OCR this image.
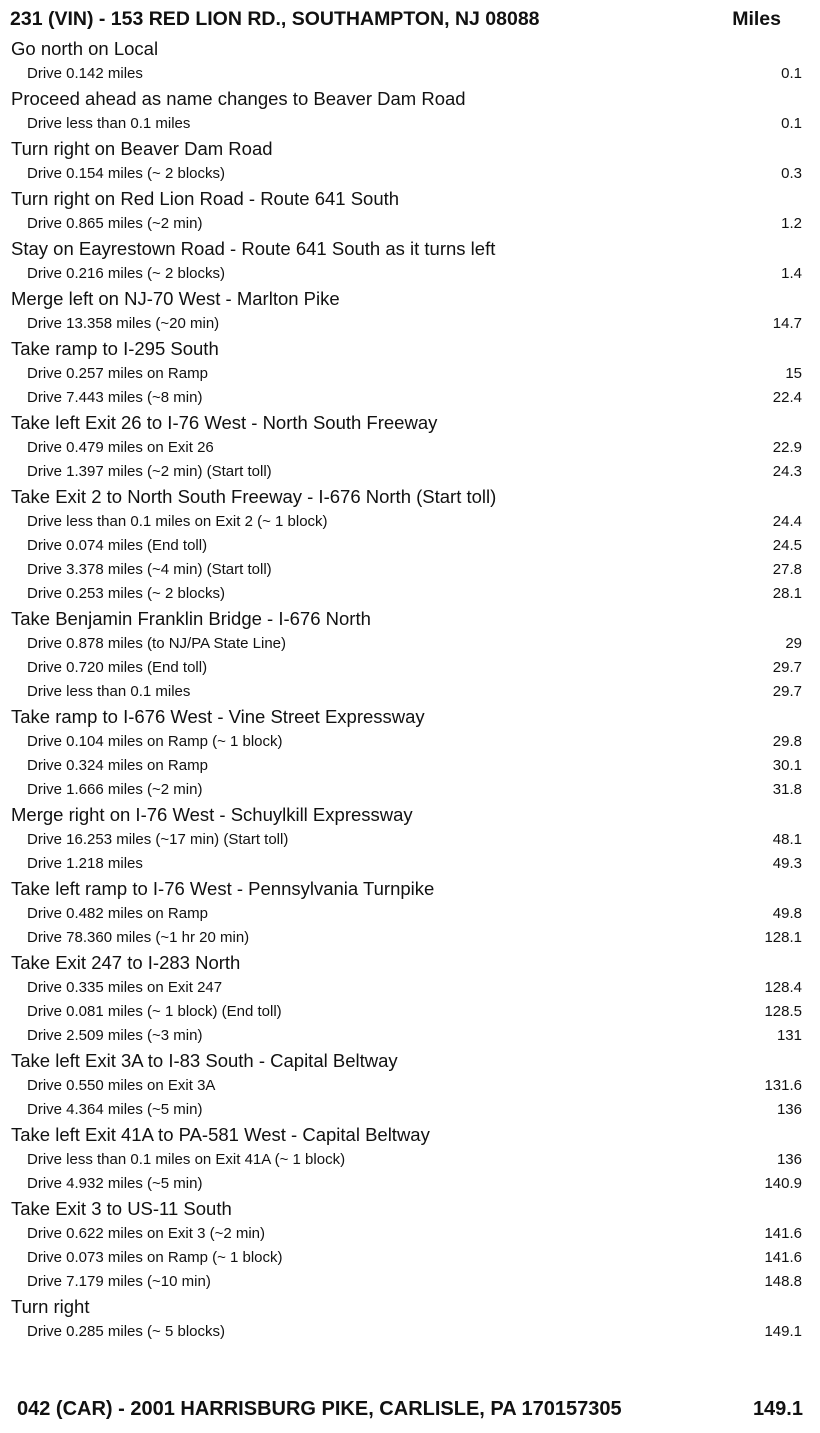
231 (VIN) - 153 RED LION RD., SOUTHAMPTON, NJ 08088	Miles
Go north on Local
Drive 0.142 miles	0.1
Proceed ahead as name changes to Beaver Dam Road
Drive less than 0.1 miles	0.1
Turn right on Beaver Dam Road
Drive 0.154 miles (~ 2 blocks)	0.3
Turn right on Red Lion Road - Route 641 South
Drive 0.865 miles (~2 min)	1.2
Stay on Eayrestown Road - Route 641 South as it turns left
Drive 0.216 miles (~ 2 blocks)	1.4
Merge left on NJ-70 West - Marlton Pike
Drive 13.358 miles (~20 min)	14.7
Take ramp to I-295 South
Drive 0.257 miles on Ramp	15
Drive 7.443 miles (~8 min)	22.4
Take left Exit 26 to I-76 West - North South Freeway
Drive 0.479 miles on Exit 26	22.9
Drive 1.397 miles (~2 min) (Start toll)	24.3
Take Exit 2 to North South Freeway - I-676 North (Start toll)
Drive less than 0.1 miles on Exit 2 (~ 1 block)	24.4
Drive 0.074 miles (End toll)	24.5
Drive 3.378 miles (~4 min) (Start toll)	27.8
Drive 0.253 miles (~ 2 blocks)	28.1
Take Benjamin Franklin Bridge - I-676 North
Drive 0.878 miles (to NJ/PA State Line)	29
Drive 0.720 miles (End toll)	29.7
Drive less than 0.1 miles	29.7
Take ramp to I-676 West - Vine Street Expressway
Drive 0.104 miles on Ramp (~ 1 block)	29.8
Drive 0.324 miles on Ramp	30.1
Drive 1.666 miles (~2 min)	31.8
Merge right on I-76 West - Schuylkill Expressway
Drive 16.253 miles (~17 min) (Start toll)	48.1
Drive 1.218 miles	49.3
Take left ramp to I-76 West - Pennsylvania Turnpike
Drive 0.482 miles on Ramp	49.8
Drive 78.360 miles (~1 hr 20 min)	128.1
Take Exit 247 to I-283 North
Drive 0.335 miles on Exit 247	128.4
Drive 0.081 miles (~ 1 block) (End toll)	128.5
Drive 2.509 miles (~3 min)	131
Take left Exit 3A to I-83 South - Capital Beltway
Drive 0.550 miles on Exit 3A	131.6
Drive 4.364 miles (~5 min)	136
Take left Exit 41A to PA-581 West - Capital Beltway
Drive less than 0.1 miles on Exit 41A (~ 1 block)	136
Drive 4.932 miles (~5 min)	140.9
Take Exit 3 to US-11 South
Drive 0.622 miles on Exit 3 (~2 min)	141.6
Drive 0.073 miles on Ramp (~ 1 block)	141.6
Drive 7.179 miles (~10 min)	148.8
Turn right
Drive 0.285 miles (~ 5 blocks)	149.1
042 (CAR) - 2001 HARRISBURG PIKE, CARLISLE, PA 170157305	149.1
